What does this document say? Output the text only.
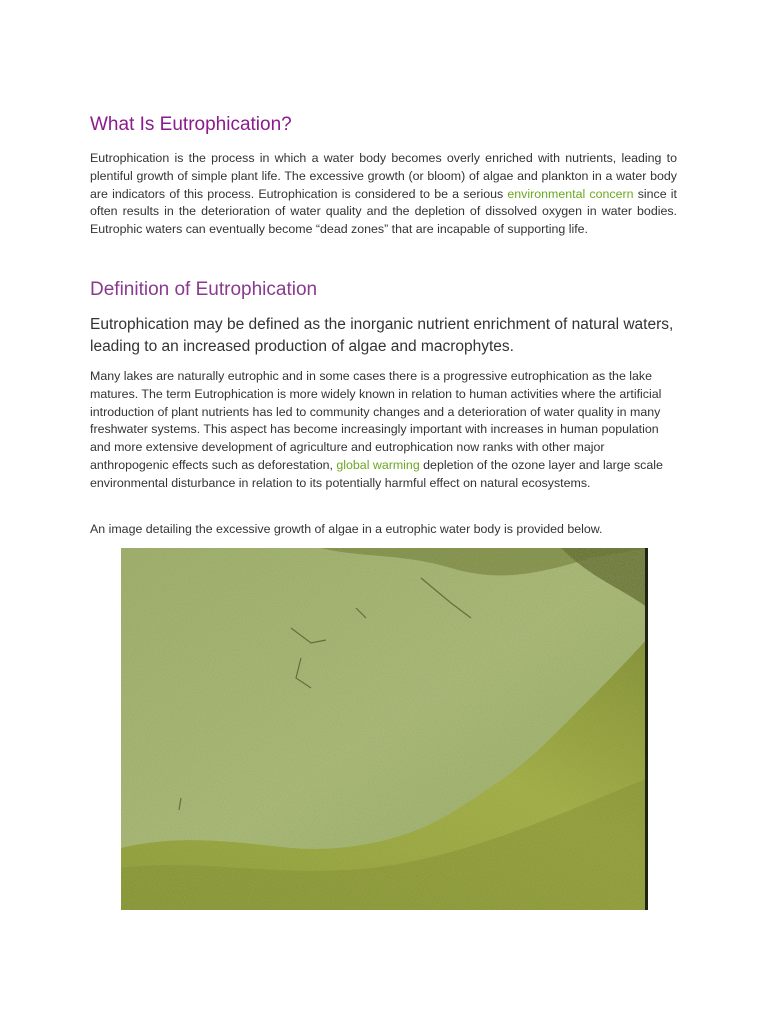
What Is Eutrophication?

Eutrophication is the process in which a water body becomes overly enriched with nutrients, leading to plentiful growth of simple plant life. The excessive growth (or bloom) of algae and plankton in a water body are indicators of this process. Eutrophication is considered to be a serious environmental concern since it often results in the deterioration of water quality and the depletion of dissolved oxygen in water bodies. Eutrophic waters can eventually become “dead zones” that are incapable of supporting life.

Definition of Eutrophication

Eutrophication may be defined as the inorganic nutrient enrichment of natural waters, leading to an increased production of algae and macrophytes.

Many lakes are naturally eutrophic and in some cases there is a progressive eutrophication as the lake matures. The term Eutrophication is more widely known in relation to human activities where the artificial introduction of plant nutrients has led to community changes and a deterioration of water quality in many freshwater systems. This aspect has become increasingly important with increases in human population and more extensive development of agriculture and eutrophication now ranks with other major anthropogenic effects such as deforestation, global warming depletion of the ozone layer and large scale environmental disturbance in relation to its potentially harmful effect on natural ecosystems.

An image detailing the excessive growth of algae in a eutrophic water body is provided below.
